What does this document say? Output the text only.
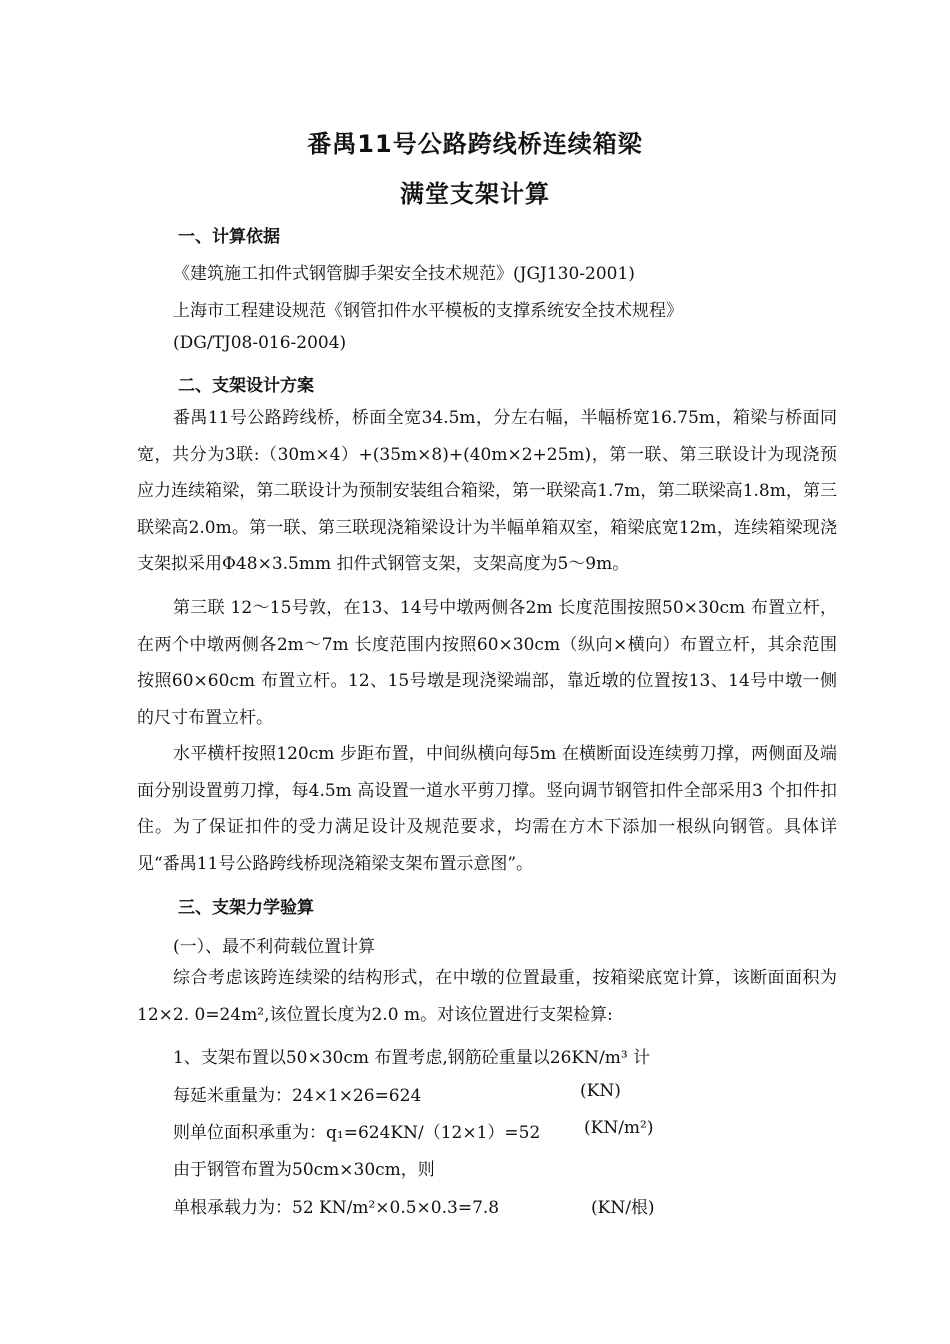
番禺11号公路跨线桥连续箱梁
满堂支架计算
一、计算依据
《建筑施工扣件式钢管脚手架安全技术规范》(JGJ130-2001)
上海市工程建设规范《钢管扣件水平模板的支撑系统安全技术规程》
(DG/TJ08-016-2004)
二、支架设计方案

番禺11号公路跨线桥，桥面全宽34.5m，分左右幅，半幅桥宽16.75m，箱梁与桥面同宽，共分为3联:（30m×4）+(35m×8)+(40m×2+25m)，第一联、第三联设计为现浇预应力连续箱梁，第二联设计为预制安装组合箱梁，第一联梁高1.7m，第二联梁高1.8m，第三联梁高2.0m。第一联、第三联现浇箱梁设计为半幅单箱双室，箱梁底宽12m，连续箱梁现浇支架拟采用Φ48×3.5mm 扣件式钢管支架，支架高度为5～9m。

第三联 12～15号敦，在13、14号中墩两侧各2m 长度范围按照50×30cm 布置立杆，在两个中墩两侧各2m～7m 长度范围内按照60×30cm（纵向×横向）布置立杆，其余范围按照60×60cm 布置立杆。12、15号墩是现浇梁端部，靠近墩的位置按13、14号中墩一侧的尺寸布置立杆。

水平横杆按照120cm 步距布置，中间纵横向每5m 在横断面设连续剪刀撑，两侧面及端面分别设置剪刀撑，每4.5m 高设置一道水平剪刀撑。竖向调节钢管扣件全部采用3 个扣件扣住。为了保证扣件的受力满足设计及规范要求，均需在方木下添加一根纵向钢管。具体详见“番禺11号公路跨线桥现浇箱梁支架布置示意图”。

三、支架力学验算
(一）、最不利荷载位置计算

综合考虑该跨连续梁的结构形式，在中墩的位置最重，按箱梁底宽计算，该断面面积为12×2. 0=24m²,该位置长度为2.0 m。对该位置进行支架检算:

1、支架布置以50×30cm 布置考虑,钢筋砼重量以26KN/m³ 计
每延米重量为：24×1×26=624	(KN)
则单位面积承重为：q₁=624KN/（12×1）=52	(KN/m²)
由于钢管布置为50cm×30cm，则
单根承载力为：52 KN/m²×0.5×0.3=7.8	(KN/根)
